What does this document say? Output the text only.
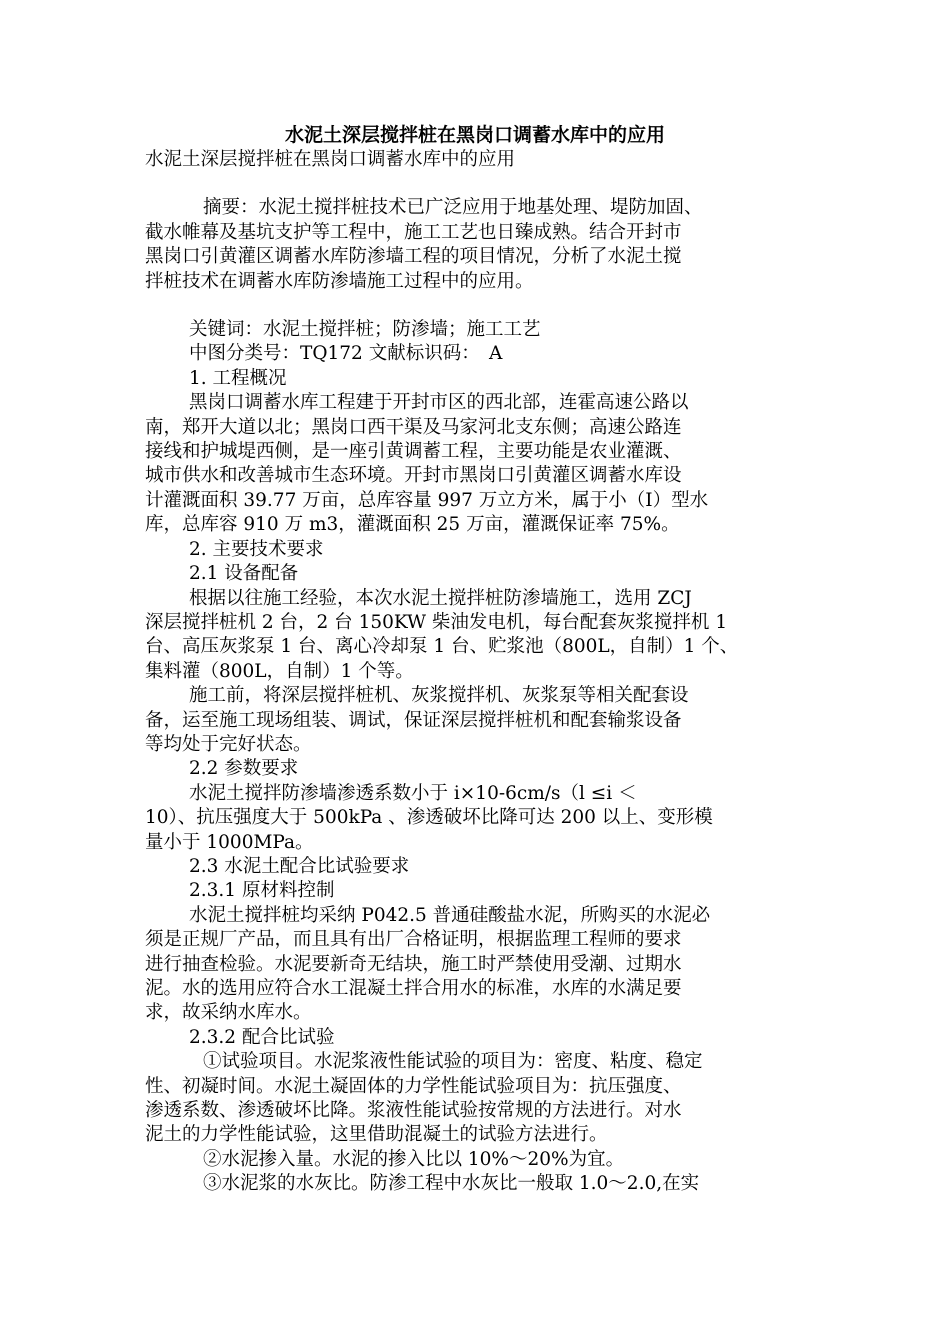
水泥土深层搅拌桩在黑岗口调蓄水库中的应用

水泥土深层搅拌桩在黑岗口调蓄水库中的应用

摘要：水泥土搅拌桩技术已广泛应用于地基处理、堤防加固、

截水帷幕及基坑支护等工程中，施工工艺也日臻成熟。结合开封市

黑岗口引黄灌区调蓄水库防渗墙工程的项目情况，分析了水泥土搅

拌桩技术在调蓄水库防渗墙施工过程中的应用。

关键词：水泥土搅拌桩；防渗墙；施工工艺

中图分类号：TQ172 文献标识码：　A

1. 工程概况

黑岗口调蓄水库工程建于开封市区的西北部，连霍高速公路以

南，郑开大道以北；黑岗口西干渠及马家河北支东侧；高速公路连

接线和护城堤西侧，是一座引黄调蓄工程，主要功能是农业灌溉、

城市供水和改善城市生态环境。开封市黑岗口引黄灌区调蓄水库设

计灌溉面积 39.77 万亩，总库容量 997 万立方米，属于小（I）型水

库，总库容 910 万 m3，灌溉面积 25 万亩，灌溉保证率 75%。

2. 主要技术要求

2.1 设备配备

根据以往施工经验，本次水泥土搅拌桩防渗墙施工，选用 ZCJ

深层搅拌桩机 2 台，2 台 150KW 柴油发电机，每台配套灰浆搅拌机 1

台、高压灰浆泵 1 台、离心冷却泵 1 台、贮浆池（800L，自制）1 个、

集料灌（800L，自制）1 个等。

施工前，将深层搅拌桩机、灰浆搅拌机、灰浆泵等相关配套设

备，运至施工现场组装、调试，保证深层搅拌桩机和配套输浆设备

等均处于完好状态。

2.2 参数要求

水泥土搅拌防渗墙渗透系数小于 i×10-6cm/s（l ≤i ＜

10）、抗压强度大于 500kPa 、渗透破坏比降可达 200 以上、变形模

量小于 1000MPa。

2.3 水泥土配合比试验要求

2.3.1 原材料控制

水泥土搅拌桩均采纳 P042.5 普通硅酸盐水泥，所购买的水泥必

须是正规厂产品，而且具有出厂合格证明，根据监理工程师的要求

进行抽查检验。水泥要新奇无结块，施工时严禁使用受潮、过期水

泥。水的选用应符合水工混凝土拌合用水的标准，水库的水满足要

求，故采纳水库水。

2.3.2 配合比试验

①试验项目。水泥浆液性能试验的项目为：密度、粘度、稳定

性、初凝时间。水泥土凝固体的力学性能试验项目为：抗压强度、

渗透系数、渗透破坏比降。浆液性能试验按常规的方法进行。对水

泥土的力学性能试验，这里借助混凝土的试验方法进行。

②水泥掺入量。水泥的掺入比以 10%～20%为宜。

③水泥浆的水灰比。防渗工程中水灰比一般取 1.0～2.0,在实
